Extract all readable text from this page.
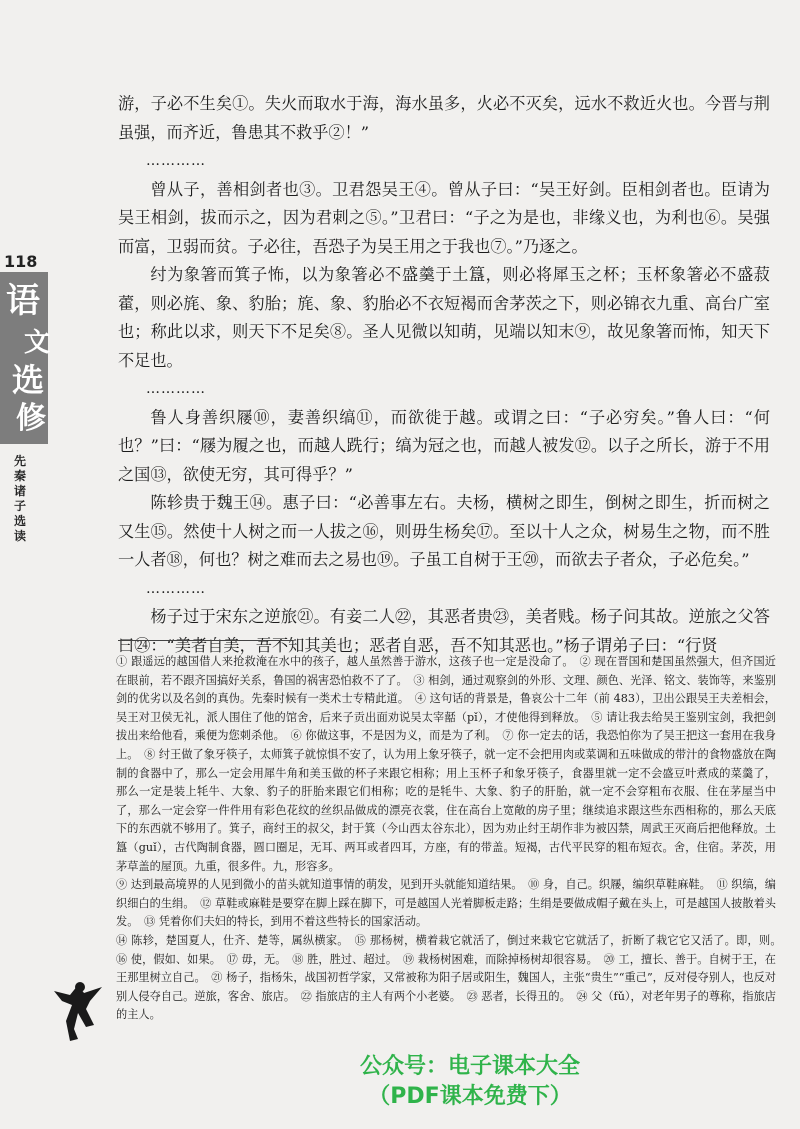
118
语
文
选
修
先秦诸子选读

游，子必不生矣①。失火而取水于海，海水虽多，火必不灭矣，远水不救近火也。今晋与荆虽强，而齐近，鲁患其不救乎②！”

…………

曾从子，善相剑者也③。卫君怨吴王④。曾从子曰：“吴王好剑。臣相剑者也。臣请为吴王相剑，拔而示之，因为君刺之⑤。”卫君曰：“子之为是也，非缘义也，为利也⑥。吴强而富，卫弱而贫。子必往，吾恐子为吴王用之于我也⑦。”乃逐之。

纣为象箸而箕子怖，以为象箸必不盛羹于土簋，则必将犀玉之杯；玉杯象箸必不盛菽藿，则必旄、象、豹胎；旄、象、豹胎必不衣短褐而舍茅茨之下，则必锦衣九重、高台广室也；称此以求，则天下不足矣⑧。圣人见微以知萌，见端以知末⑨，故见象箸而怖，知天下不足也。

…………

鲁人身善织屦⑩，妻善织缟⑪，而欲徙于越。或谓之曰：“子必穷矣。”鲁人曰：“何也？”曰：“屦为履之也，而越人跣行；缟为冠之也，而越人被发⑫。以子之所长，游于不用之国⑬，欲使无穷，其可得乎？”

陈轸贵于魏王⑭。惠子曰：“必善事左右。夫杨，横树之即生，倒树之即生，折而树之又生⑮。然使十人树之而一人拔之⑯，则毋生杨矣⑰。至以十人之众，树易生之物，而不胜一人者⑱，何也？树之难而去之易也⑲。子虽工自树于王⑳，而欲去子者众，子必危矣。”

…………

杨子过于宋东之逆旅㉑。有妾二人㉒，其恶者贵㉓，美者贱。杨子问其故。逆旅之父答曰㉔：“美者自美，吾不知其美也；恶者自恶，吾不知其恶也。”杨子谓弟子曰：“行贤

① 跟遥远的越国借人来抢救淹在水中的孩子，越人虽然善于游水，这孩子也一定是没命了。　② 现在晋国和楚国虽然强大，但齐国近在眼前，若不跟齐国搞好关系，鲁国的祸害恐怕救不了了。　③ 相剑，通过观察剑的外形、文理、颜色、光泽、铭文、装饰等，来鉴别剑的优劣以及名剑的真伪。先秦时候有一类术士专精此道。　④ 这句话的背景是，鲁哀公十二年（前 483），卫出公跟吴王夫差相会，吴王对卫侯无礼，派人围住了他的馆舍，后来子贡出面劝说吴太宰嚭（pǐ），才使他得到释放。　⑤ 请让我去给吴王鉴别宝剑，我把剑拔出来给他看，乘便为您刺杀他。　⑥ 你做这事，不是因为义，而是为了利。　⑦ 你一定去的话，我恐怕你为了吴王把这一套用在我身上。　⑧ 纣王做了象牙筷子，太师箕子就惊惧不安了，认为用上象牙筷子，就一定不会把用肉或菜调和五味做成的带汁的食物盛放在陶制的食器中了，那么一定会用犀牛角和美玉做的杯子来跟它相称；用上玉杯子和象牙筷子，食器里就一定不会盛豆叶煮成的菜羹了，那么一定是装上牦牛、大象、豹子的肝胎来跟它们相称；吃的是牦牛、大象、豹子的肝胎，就一定不会穿粗布衣服、住在茅屋当中了，那么一定会穿一件件用有彩色花纹的丝织品做成的漂亮衣裳，住在高台上宽敞的房子里；继续追求跟这些东西相称的，那么天底下的东西就不够用了。箕子，商纣王的叔父，封于箕（今山西太谷东北），因为劝止纣王胡作非为被囚禁，周武王灭商后把他释放。土簋（guǐ），古代陶制食器，圆口圈足，无耳、两耳或者四耳，方座，有的带盖。短褐，古代平民穿的粗布短衣。舍，住宿。茅茨，用茅草盖的屋顶。九重，很多件。九，形容多。

⑨ 达到最高境界的人见到微小的苗头就知道事情的萌发，见到开头就能知道结果。　⑩ 身，自己。织屦，编织草鞋麻鞋。　⑪ 织缟，编织细白的生绢。　⑫ 草鞋或麻鞋是要穿在脚上踩在脚下，可是越国人光着脚板走路；生绢是要做成帽子戴在头上，可是越国人披散着头发。　⑬ 凭着你们夫妇的特长，到用不着这些特长的国家活动。

⑭ 陈轸，楚国夏人，仕齐、楚等，属纵横家。　⑮ 那杨树，横着栽它就活了，倒过来栽它它就活了，折断了栽它它又活了。即，则。　⑯ 使，假如、如果。　⑰ 毋，无。　⑱ 胜，胜过、超过。　⑲ 栽杨树困难，而除掉杨树却很容易。　⑳ 工，擅长、善于。自树于王，在王那里树立自己。　㉑ 杨子，指杨朱，战国初哲学家，又常被称为阳子居或阳生，魏国人，主张“贵生”“重己”，反对侵夺别人，也反对别人侵夺自己。逆旅，客舍、旅店。　㉒ 指旅店的主人有两个小老婆。　㉓ 恶者，长得丑的。　㉔ 父（fǔ），对老年男子的尊称，指旅店的主人。

公众号：电子课本大全
（PDF课本免费下）
